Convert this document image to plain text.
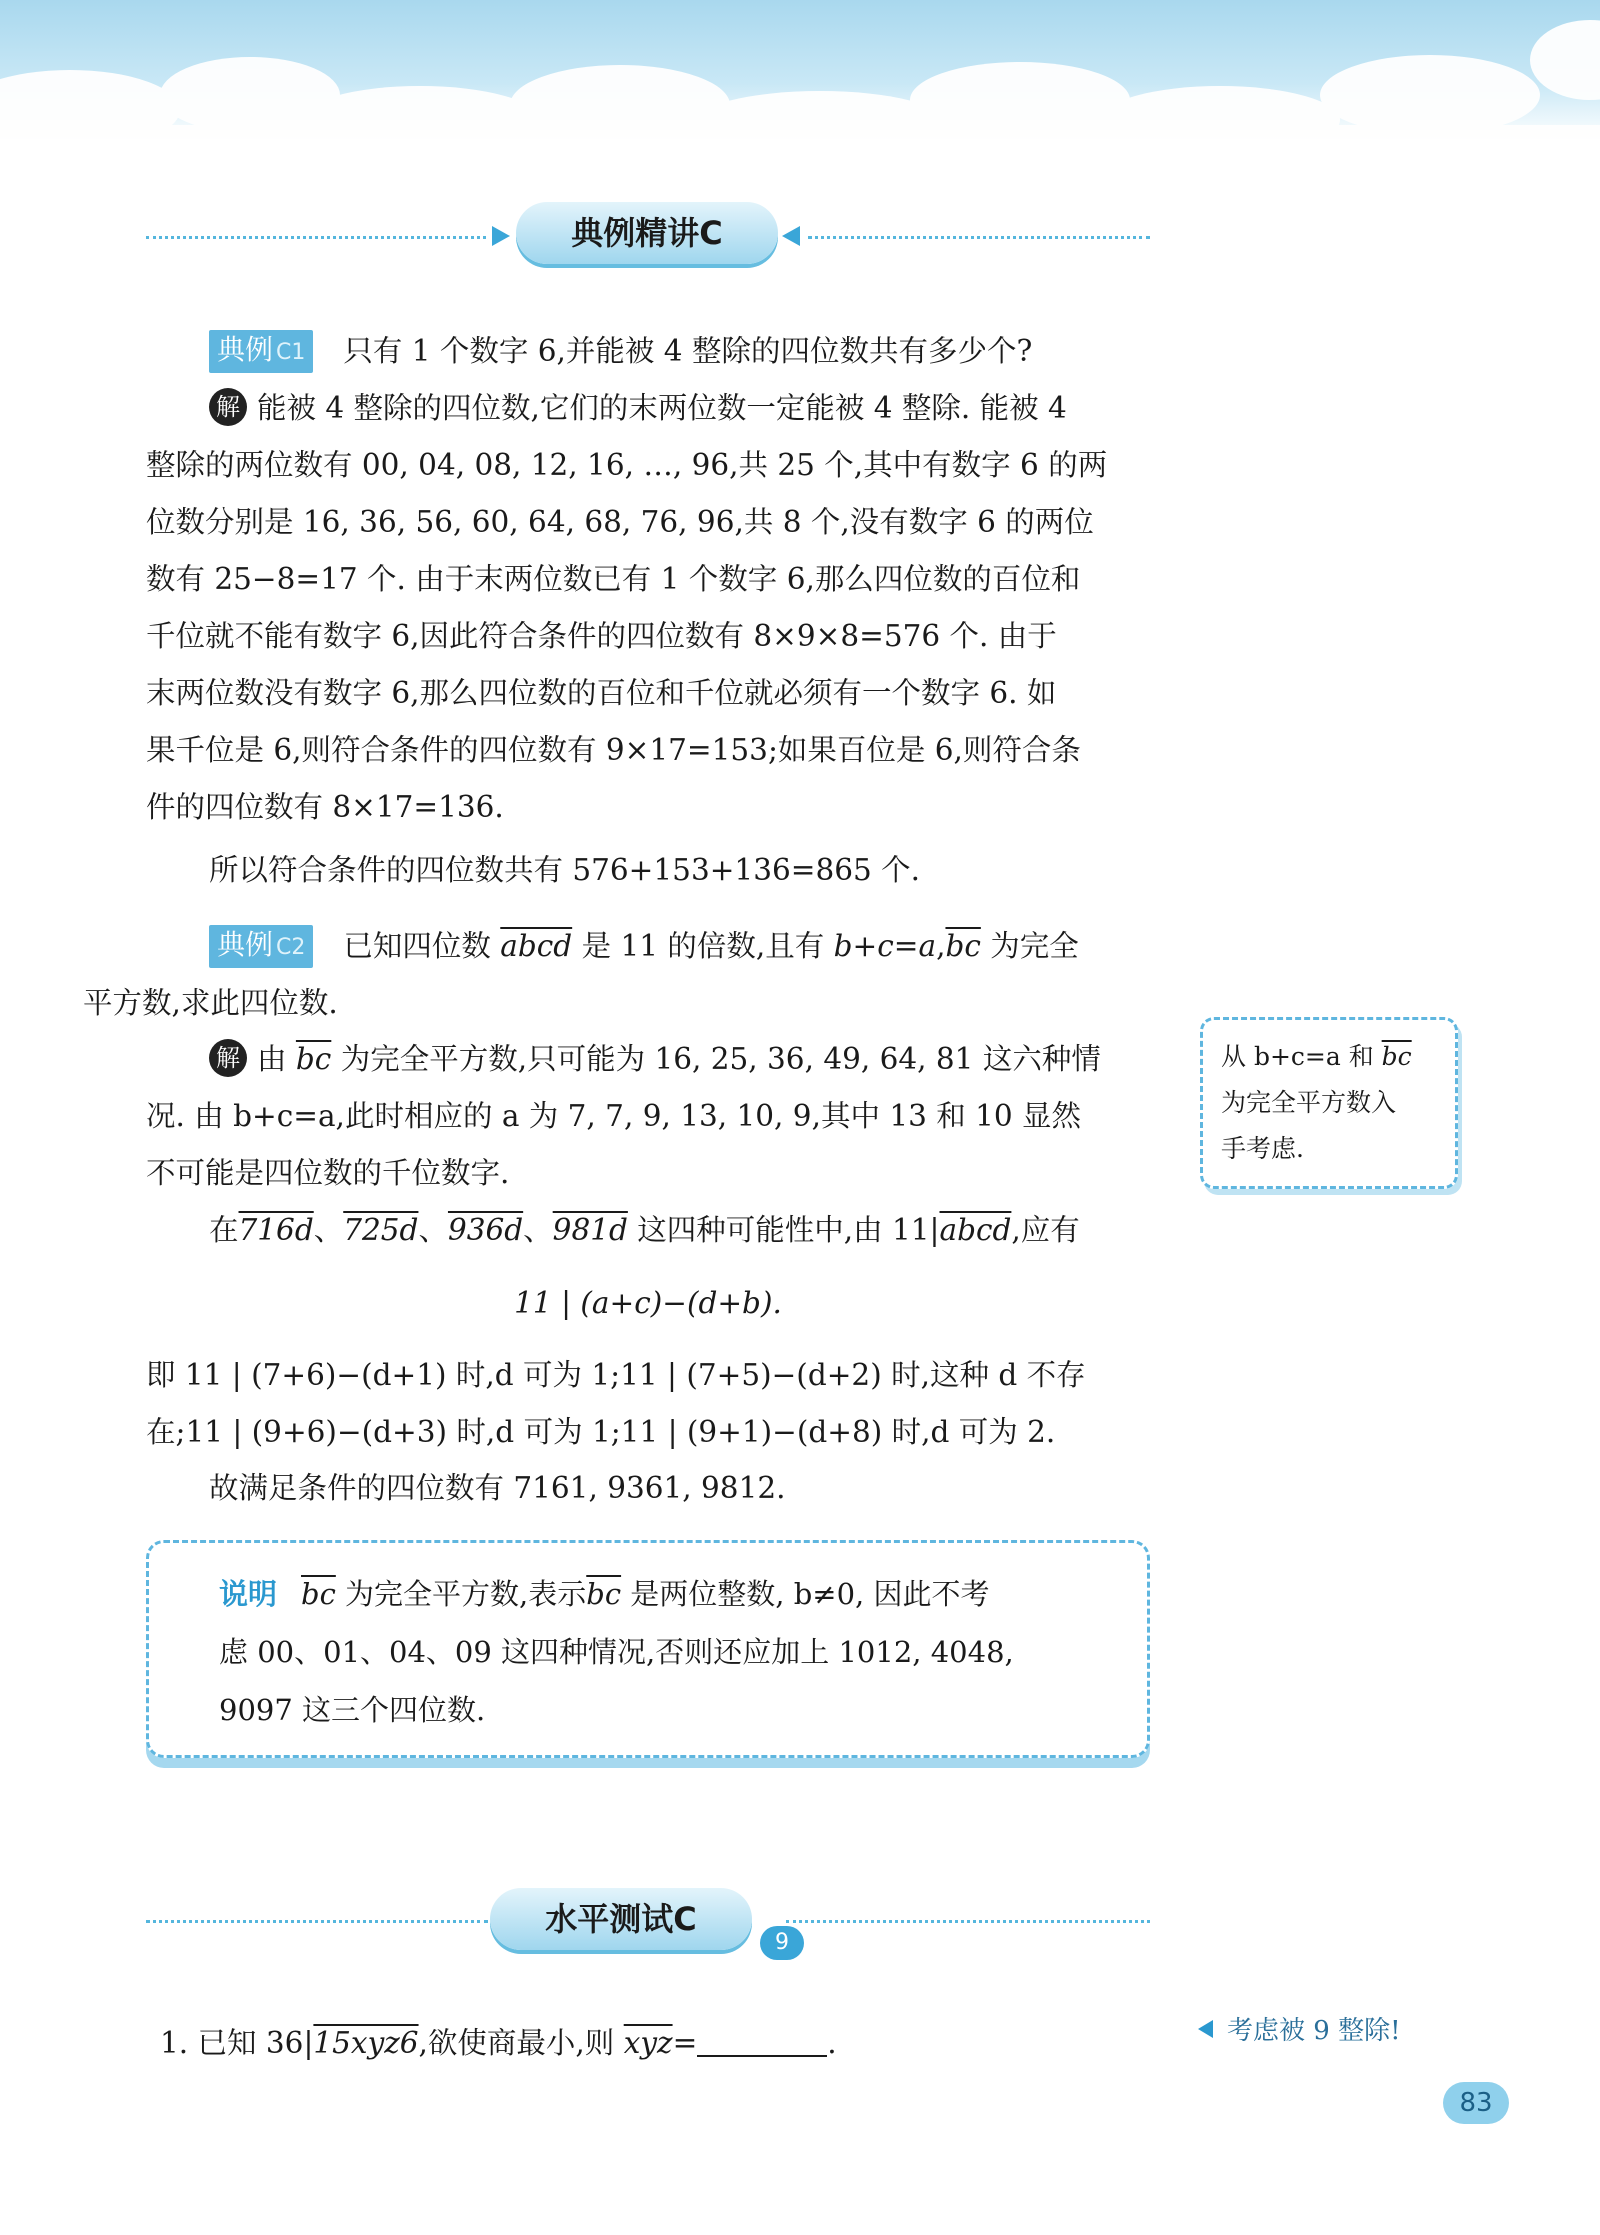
典例精讲C
典例 C1 只有 1 个数字 6,并能被 4 整除的四位数共有多少个?
解 能被 4 整除的四位数,它们的末两位数一定能被 4 整除. 能被 4
整除的两位数有 00, 04, 08, 12, 16, …, 96,共 25 个,其中有数字 6 的两
位数分别是 16, 36, 56, 60, 64, 68, 76, 96,共 8 个,没有数字 6 的两位
数有 25−8=17 个. 由于末两位数已有 1 个数字 6,那么四位数的百位和
千位就不能有数字 6,因此符合条件的四位数有 8×9×8=576 个. 由于
末两位数没有数字 6,那么四位数的百位和千位就必须有一个数字 6. 如
果千位是 6,则符合条件的四位数有 9×17=153;如果百位是 6,则符合条
件的四位数有 8×17=136.
所以符合条件的四位数共有 576+153+136=865 个.
典例 C2 已知四位数 abcd 是 11 的倍数,且有 $b+c=a,\overline{bc}$ 为完全
平方数,求此四位数.
解 由 $\overline{bc}$ 为完全平方数,只可能为 16, 25, 36, 49, 64, 81 这六种情
况. 由 b+c=a,此时相应的 a 为 7, 7, 9, 13, 10, 9,其中 13 和 10 显然
不可能是四位数的千位数字.
在716d、725d、936d、981d 这四种可能性中,由 11|abcd,应有
11 | (a+c)−(d+b).
即 11 | (7+6)−(d+1) 时,d 可为 1;11 | (7+5)−(d+2) 时,这种 d 不存
在;11 | (9+6)−(d+3) 时,d 可为 1;11 | (9+1)−(d+8) 时,d 可为 2.
故满足条件的四位数有 7161, 9361, 9812.
从 b+c=a 和 $\overline{bc}$
为完全平方数入
手考虑.
说明 $\overline{bc}$ 为完全平方数,表示$\overline{bc}$ 是两位整数, b≠0, 因此不考
虑 00、01、04、09 这四种情况,否则还应加上 1012, 4048,
9097 这三个四位数.
水平测试C
9
1. 已知 36|15xyz6,欲使商最小,则 $\overline{xyz}=$	.	考虑被 9 整除!
83
